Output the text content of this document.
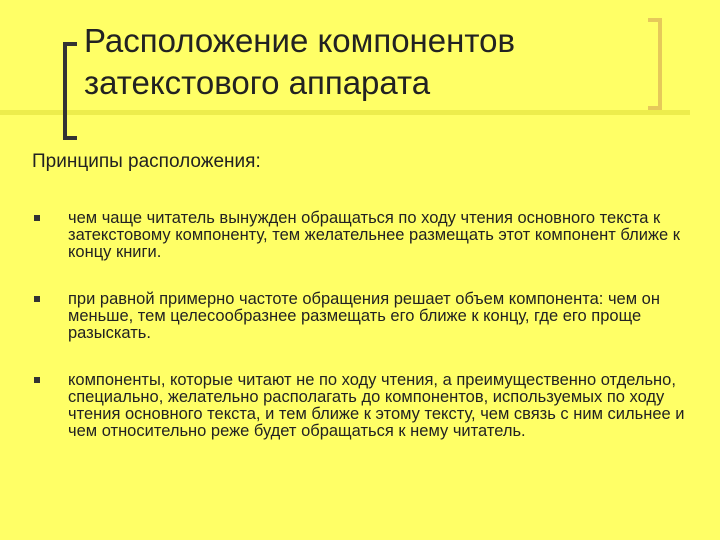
Расположение компонентов
затекстового аппарата
Принципы расположения:
чем чаще читатель вынужден обращаться по ходу чтения основного текста к затекстовому компоненту, тем желательнее размещать этот компонент ближе к концу книги.
при равной примерно частоте обращения решает объем компонента: чем он меньше, тем целесообразнее размещать его ближе к концу, где его проще разыскать.
компоненты, которые читают не по ходу чтения, а преимущественно отдельно, специально, желательно располагать до компонентов, используемых по ходу чтения основного текста, и тем ближе к этому тексту, чем связь с ним сильнее и чем относительно реже будет обращаться к нему читатель.
